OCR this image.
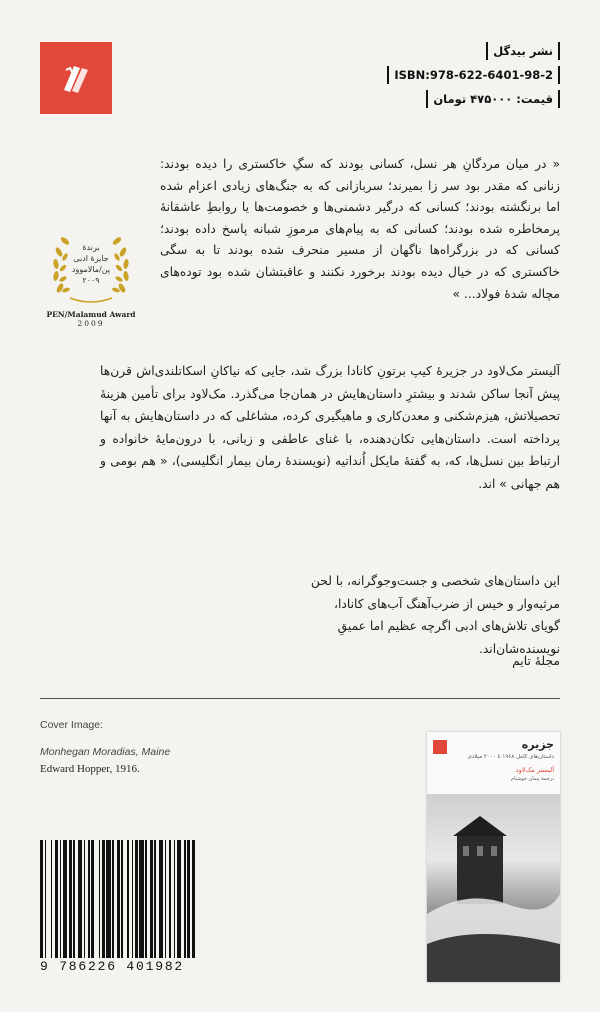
نشر بیدگل
ISBN:978-622-6401-98-2
قیمت: ۴۷۵۰۰۰ تومان
برندهٔ
جایزهٔ ادبی
پن/مالاموود
۲۰۰۹
PEN/Malamud Award
2009
« در میان مردگانِ هر نسل، کسانی بودند که سگِ خاکستری را دیده بودند: زنانی که مقدر بود سر زا بمیرند؛ سربازانی که به جنگ‌های زیادی اعزام شده اما برنگشته بودند؛ کسانی که درگیر دشمنی‌ها و خصومت‌ها یا روابطِ عاشقانهٔ پرمخاطره شده بودند؛ کسانی که به پیام‌های مرموزِ شبانه پاسخ داده بودند؛ کسانی که در بزرگراه‌ها ناگهان از مسیر منحرف شده بودند تا به سگی خاکستری که در خیال دیده بودند برخورد نکنند و عاقبتشان شده بود توده‌های مچاله شدهٔ فولاد... »
آلیستر مک‌لاود در جزیرهٔ کیپ برتونِ کانادا بزرگ شد، جایی که نیاکانِ اسکاتلندی‌اش قرن‌ها پیش آنجا ساکن شدند و بیشترِ داستان‌هایش در همان‌جا می‌گذرد. مک‌لاود برای تأمین هزینهٔ تحصیلاتش، هیزم‌شکنی و معدن‌کاری و ماهیگیری کرده، مشاغلی که در داستان‌هایش به آنها پرداخته است. داستان‌هایی تکان‌دهنده، با غنای عاطفی و زبانی، با درون‌مایهٔ خانواده و ارتباط بین نسل‌ها، که، به گفتهٔ مایکل اُنداتیه (نویسندهٔ رمان بیمار انگلیسی)، « هم بومی و هم جهانی » اند.
این داستان‌های شخصی و جست‌وجوگرانه، با لحن مرثیه‌وار و خیس از ضرب‌آهنگ آب‌های کانادا، گویای تلاش‌های ادبی اگرچه عظیم اما عمیقِ نویسنده‌شان‌اند.
مجلهٔ تایم
Cover Image:
Monhegan Moradias, Maine
Edward Hopper, 1916.
9 786226 401982
جزیره
داستان‌های کامل ۱۹۶۸ تا ۲۰۰۰ میلادی
آلیستر مک‌لاود
ترجمهٔ پیمان خوشنام
